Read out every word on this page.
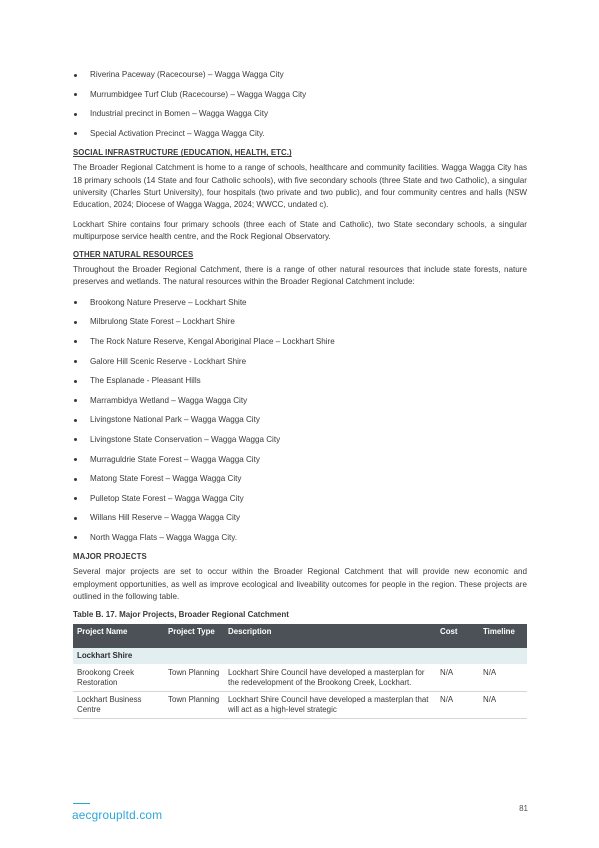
Riverina Paceway (Racecourse) – Wagga Wagga City
Murrumbidgee Turf Club (Racecourse) – Wagga Wagga City
Industrial precinct in Bomen – Wagga Wagga City
Special Activation Precinct – Wagga Wagga City.
SOCIAL INFRASTRUCTURE (EDUCATION, HEALTH, ETC.)

The Broader Regional Catchment is home to a range of schools, healthcare and community facilities. Wagga Wagga City has 18 primary schools (14 State and four Catholic schools), with five secondary schools (three State and two Catholic), a singular university (Charles Sturt University), four hospitals (two private and two public), and four community centres and halls (NSW Education, 2024; Diocese of Wagga Wagga, 2024; WWCC, undated c).

Lockhart Shire contains four primary schools (three each of State and Catholic), two State secondary schools, a singular multipurpose service health centre, and the Rock Regional Observatory.

OTHER NATURAL RESOURCES

Throughout the Broader Regional Catchment, there is a range of other natural resources that include state forests, nature preserves and wetlands. The natural resources within the Broader Regional Catchment include:

Brookong Nature Preserve – Lockhart Shite
Milbrulong State Forest – Lockhart Shire
The Rock Nature Reserve, Kengal Aboriginal Place – Lockhart Shire
Galore Hill Scenic Reserve - Lockhart Shire
The Esplanade - Pleasant Hills
Marrambidya Wetland – Wagga Wagga City
Livingstone National Park – Wagga Wagga City
Livingstone State Conservation – Wagga Wagga City
Murraguldrie State Forest – Wagga Wagga City
Matong State Forest – Wagga Wagga City
Pulletop State Forest – Wagga Wagga City
Willans Hill Reserve – Wagga Wagga City
North Wagga Flats – Wagga Wagga City.
MAJOR PROJECTS

Several major projects are set to occur within the Broader Regional Catchment that will provide new economic and employment opportunities, as well as improve ecological and liveability outcomes for people in the region. These projects are outlined in the following table.

Table B. 17. Major Projects, Broader Regional Catchment
Project Name	Project Type	Description	Cost	Timeline
Lockhart Shire				
Brookong Creek Restoration	Town Planning	Lockhart Shire Council have developed a masterplan for the redevelopment of the Brookong Creek, Lockhart.	N/A	N/A
Lockhart Business Centre	Town Planning	Lockhart Shire Council have developed a masterplan that will act as a high-level strategic	N/A	N/A
aecgroupltd.com	81
